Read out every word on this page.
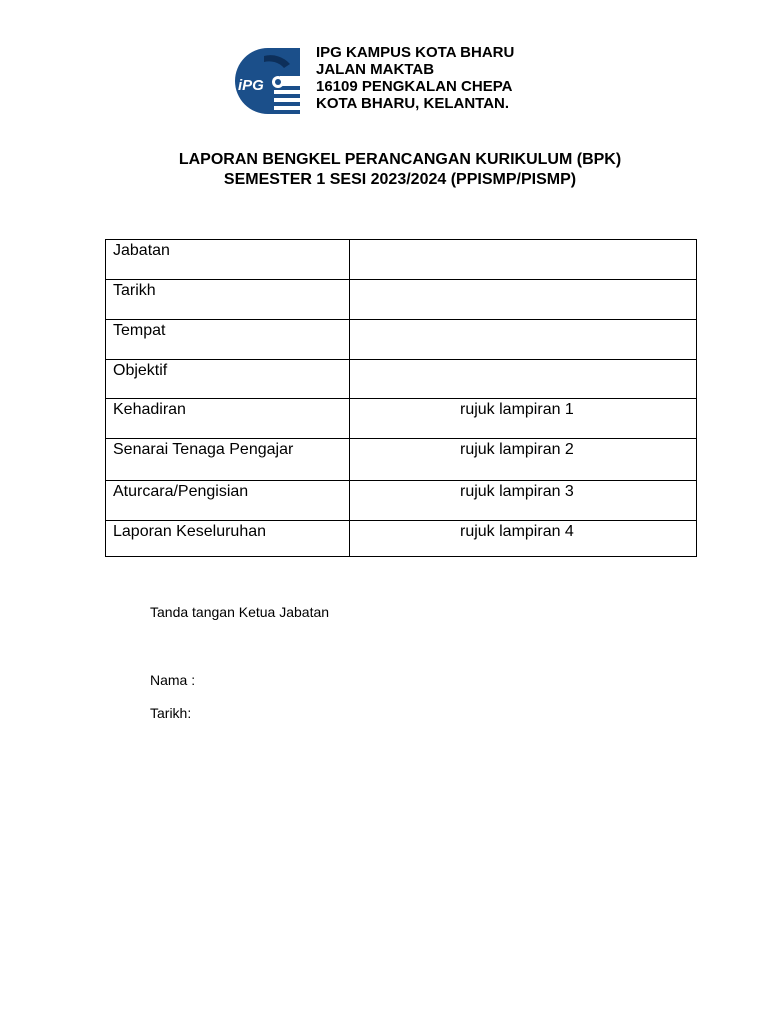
iPG
IPG KAMPUS KOTA BHARU
JALAN MAKTAB
16109 PENGKALAN CHEPA
KOTA BHARU, KELANTAN.
LAPORAN BENGKEL PERANCANGAN KURIKULUM (BPK)
SEMESTER 1 SESI 2023/2024 (PPISMP/PISMP)
Jabatan	
Tarikh	
Tempat	
Objektif	
Kehadiran	rujuk lampiran 1
Senarai Tenaga Pengajar	rujuk lampiran 2
Aturcara/Pengisian	rujuk lampiran 3
Laporan Keseluruhan	rujuk lampiran 4
Tanda tangan Ketua Jabatan
Nama :
Tarikh:
